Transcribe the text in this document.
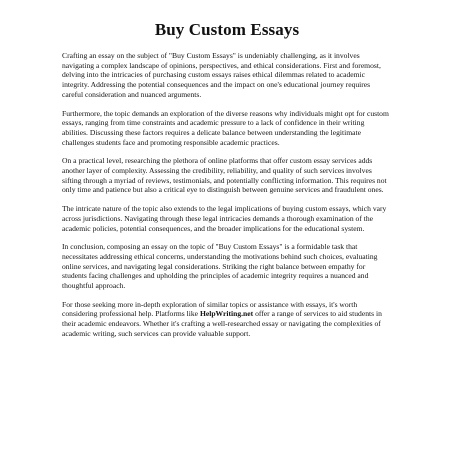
Buy Custom Essays

Crafting an essay on the subject of "Buy Custom Essays" is undeniably challenging, as it involves navigating a complex landscape of opinions, perspectives, and ethical considerations. First and foremost, delving into the intricacies of purchasing custom essays raises ethical dilemmas related to academic integrity. Addressing the potential consequences and the impact on one's educational journey requires careful consideration and nuanced arguments.

Furthermore, the topic demands an exploration of the diverse reasons why individuals might opt for custom essays, ranging from time constraints and academic pressure to a lack of confidence in their writing abilities. Discussing these factors requires a delicate balance between understanding the legitimate challenges students face and promoting responsible academic practices.

On a practical level, researching the plethora of online platforms that offer custom essay services adds another layer of complexity. Assessing the credibility, reliability, and quality of such services involves sifting through a myriad of reviews, testimonials, and potentially conflicting information. This requires not only time and patience but also a critical eye to distinguish between genuine services and fraudulent ones.

The intricate nature of the topic also extends to the legal implications of buying custom essays, which vary across jurisdictions. Navigating through these legal intricacies demands a thorough examination of the academic policies, potential consequences, and the broader implications for the educational system.

In conclusion, composing an essay on the topic of "Buy Custom Essays" is a formidable task that necessitates addressing ethical concerns, understanding the motivations behind such choices, evaluating online services, and navigating legal considerations. Striking the right balance between empathy for students facing challenges and upholding the principles of academic integrity requires a nuanced and thoughtful approach.

For those seeking more in-depth exploration of similar topics or assistance with essays, it's worth considering professional help. Platforms like HelpWriting.net offer a range of services to aid students in their academic endeavors. Whether it's crafting a well-researched essay or navigating the complexities of academic writing, such services can provide valuable support.
